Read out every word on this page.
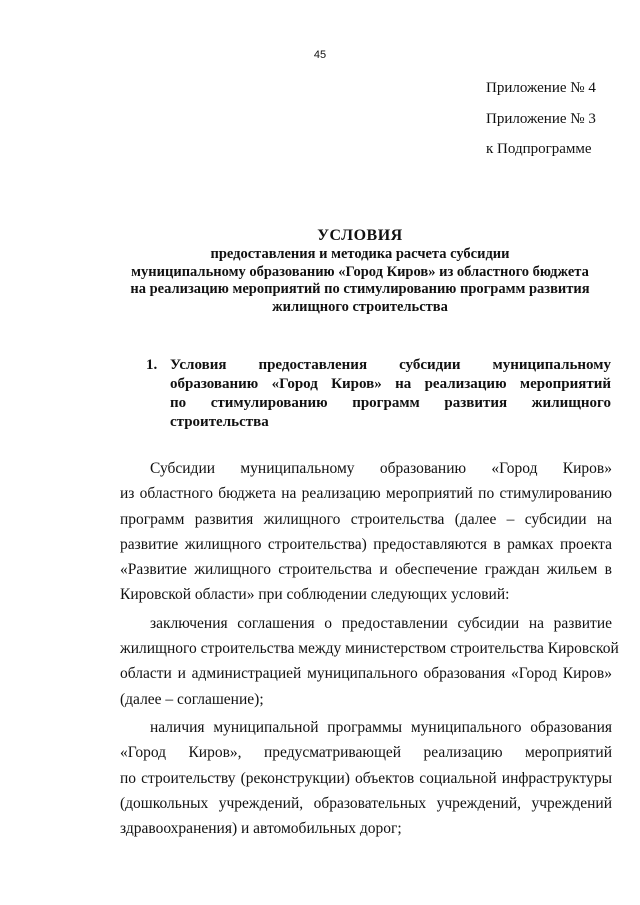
45
Приложение № 4
Приложение № 3
к Подпрограмме
УСЛОВИЯ
предоставления и методика расчета субсидии
муниципальному образованию «Город Киров» из областного бюджета
на реализацию мероприятий по стимулированию программ развития
жилищного строительства
1. Условия предоставления субсидии муниципальному
образованию «Город Киров» на реализацию мероприятий
по стимулированию программ развития жилищного
строительства
Субсидии муниципальному образованию «Город Киров»
из областного бюджета на реализацию мероприятий по стимулированию
программ развития жилищного строительства (далее – субсидии на
развитие жилищного строительства) предоставляются в рамках проекта
«Развитие жилищного строительства и обеспечение граждан жильем в
Кировской области» при соблюдении следующих условий:
заключения соглашения о предоставлении субсидии на развитие
жилищного строительства между министерством строительства Кировской
области и администрацией муниципального образования «Город Киров»
(далее – соглашение);
наличия муниципальной программы муниципального образования
«Город Киров», предусматривающей реализацию мероприятий
по строительству (реконструкции) объектов социальной инфраструктуры
(дошкольных учреждений, образовательных учреждений, учреждений
здравоохранения) и автомобильных дорог;
